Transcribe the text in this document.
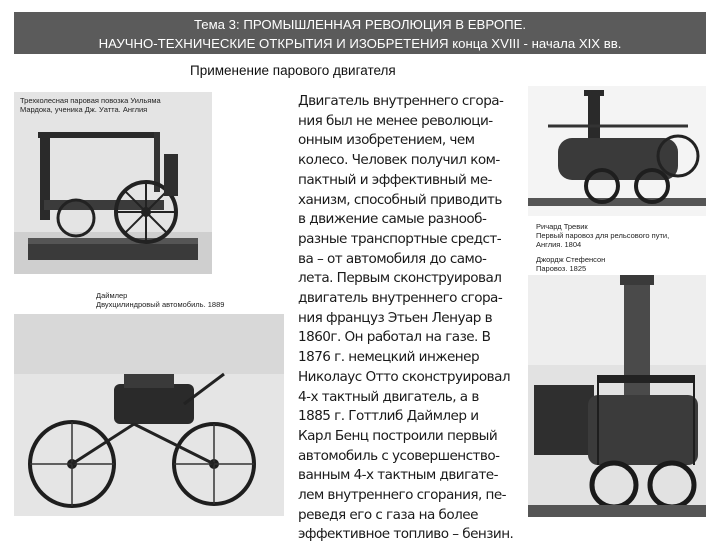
Тема 3: ПРОМЫШЛЕННАЯ РЕВОЛЮЦИЯ В ЕВРОПЕ.
НАУЧНО-ТЕХНИЧЕСКИЕ ОТКРЫТИЯ И ИЗОБРЕТЕНИЯ конца XVIII - начала XIX вв.
Применение парового двигателя
Трехколесная паровая повозка Уильяма
Мардока, ученика Дж. Уатта. Англия
Даймлер
Двухцилиндровый автомобиль. 1889
Ричард Тревик
Первый паровоз для рельсового пути,
Англия. 1804
Джордж Стефенсон
Паровоз. 1825
Двигатель внутреннего сгора-
ния был не менее революци-
онным изобретением, чем
колесо. Человек получил ком-
пактный и эффективный ме-
ханизм, способный приводить
в движение самые разнооб-
разные транспортные средст-
ва – от автомобиля до само-
лета. Первым сконструировал
двигатель внутреннего сгора-
ния француз Этьен Ленуар в
1860г. Он работал на газе. В
1876 г. немецкий инженер
Николаус Отто сконструировал
4-х тактный двигатель, а в
1885 г. Готтлиб Даймлер и
Карл Бенц построили первый
автомобиль с усовершенство-
ванным 4-х тактным двигате-
лем внутреннего сгорания, пе-
реведя его с газа на более
эффективное топливо – бензин.
